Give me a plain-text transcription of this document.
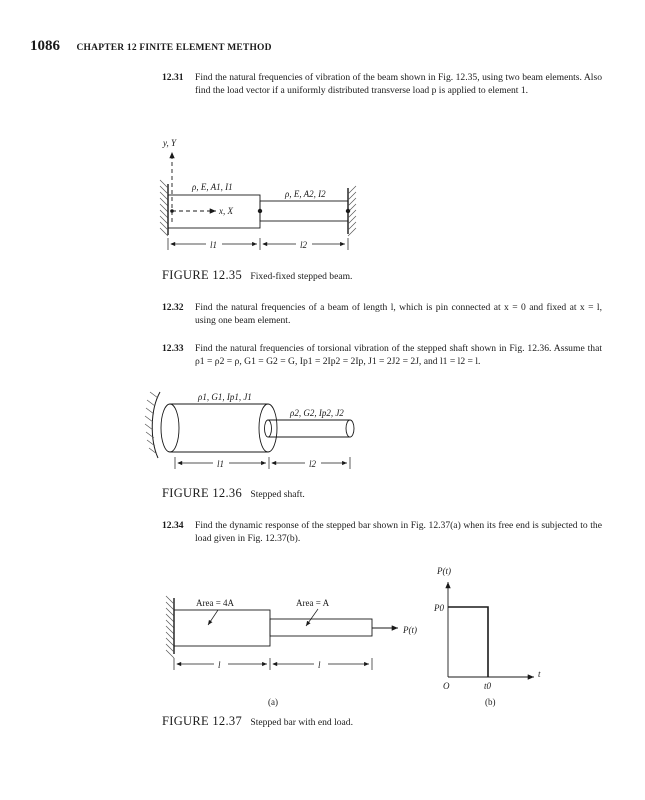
1086 CHAPTER 12 FINITE ELEMENT METHOD
12.31 Find the natural frequencies of vibration of the beam shown in Fig. 12.35, using two beam elements. Also find the load vector if a uniformly distributed transverse load p is applied to element 1.
y, Y
x, X
ρ, E, A1, I1
ρ, E, A2, I2
l1	l2
ρ1, G1, Ip1, J1
ρ2, G2, Ip2, J2
l1	l2
Area = 4A	Area = A
P(t)
l	l
(a)
P(t)
t
P0
O	t0
(b)
FIGURE 12.35 Fixed-fixed stepped beam.
12.32 Find the natural frequencies of a beam of length l, which is pin connected at x = 0 and fixed at x = l, using one beam element.
12.33 Find the natural frequencies of torsional vibration of the stepped shaft shown in Fig. 12.36. Assume that ρ1 = ρ2 = ρ, G1 = G2 = G, Ip1 = 2Ip2 = 2Ip, J1 = 2J2 = 2J, and l1 = l2 = l.
FIGURE 12.36 Stepped shaft.
12.34 Find the dynamic response of the stepped bar shown in Fig. 12.37(a) when its free end is subjected to the load given in Fig. 12.37(b).
FIGURE 12.37 Stepped bar with end load.
